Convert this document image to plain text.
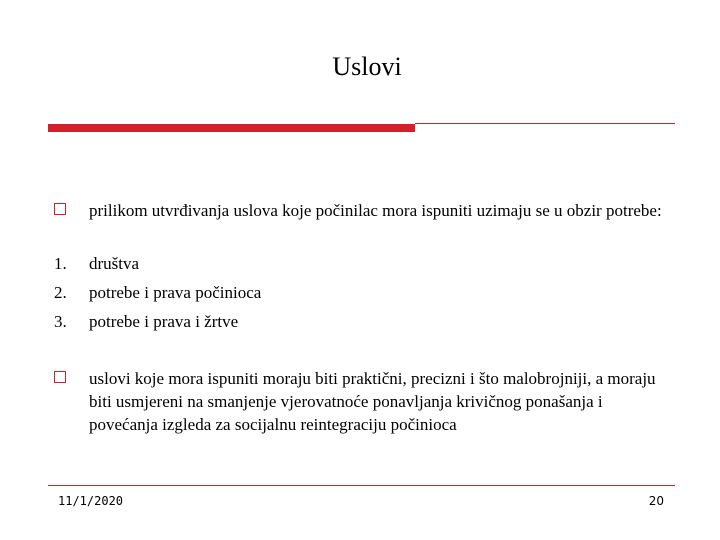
Uslovi
prilikom utvrđivanja uslova koje počinilac mora ispuniti uzimaju se u obzir potrebe:
1. društva
2. potrebe i prava počinioca
3. potrebe i prava i žrtve
uslovi koje mora ispuniti moraju biti praktični, precizni i što malobrojniji, a moraju biti usmjereni na smanjenje vjerovatnoće ponavljanja krivičnog ponašanja i povećanja izgleda za socijalnu reintegraciju počinioca
11/1/2020	20
